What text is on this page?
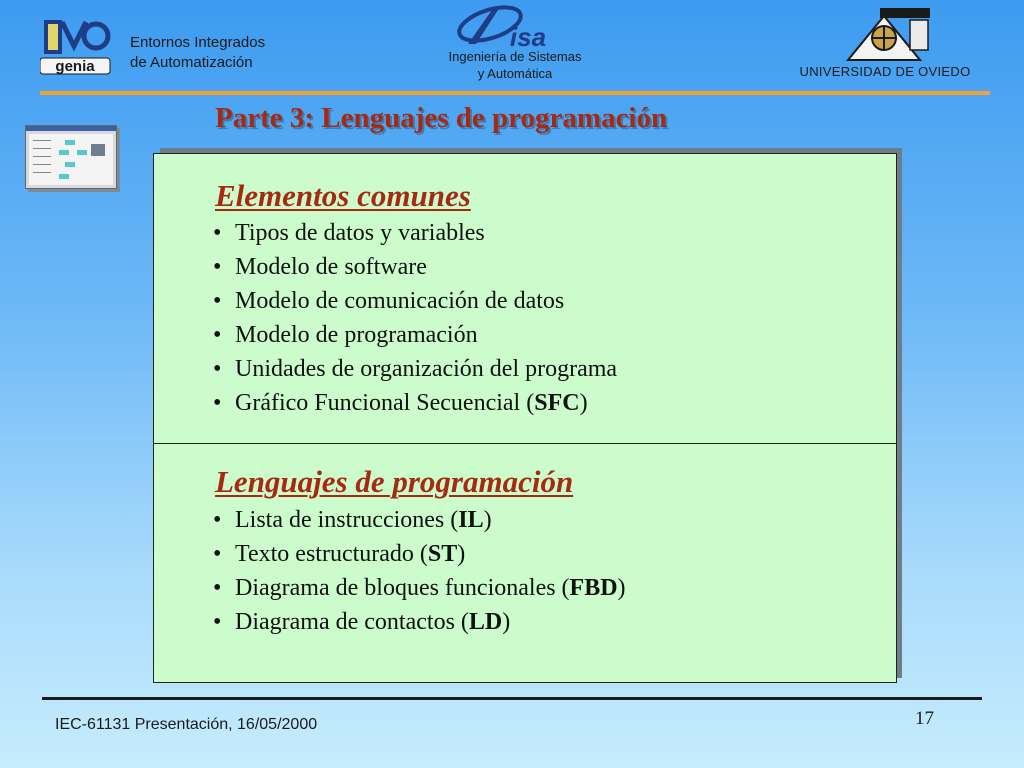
genia
Entornos Integrados
de Automatización
isa
Ingeniería de Sistemas
y Automática	UNIVERSIDAD DE OVIEDO
Parte 3: Lenguajes de programación
Elementos comunes
• Tipos de datos y variables
• Modelo de software
• Modelo de comunicación de datos
• Modelo de programación
• Unidades de organización del programa
• Gráfico Funcional Secuencial (SFC)
Lenguajes de programación
• Lista de instrucciones (IL)
• Texto estructurado (ST)
• Diagrama de bloques funcionales (FBD)
• Diagrama de contactos (LD)
IEC-61131 Presentación, 16/05/2000	17
